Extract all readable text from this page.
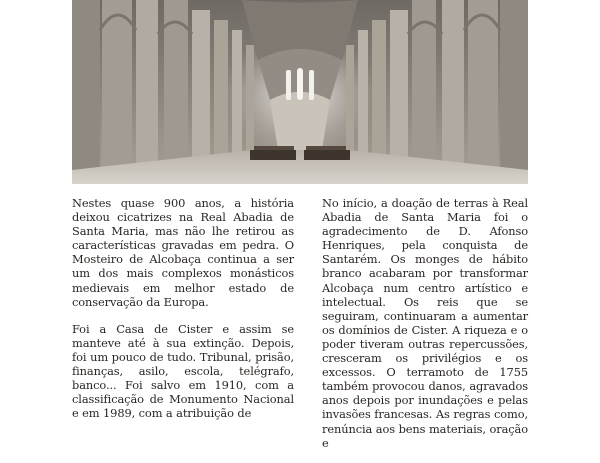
Nestes quase 900 anos, a história deixou cicatrizes na Real Abadia de Santa Maria, mas não lhe retirou as características gravadas em pedra. O Mosteiro de Alcobaça continua a ser um dos mais complexos monásticos medievais em melhor estado de conservação da Europa.

Foi a Casa de Cister e assim se manteve até à sua extinção. Depois, foi um pouco de tudo. Tribunal, prisão, finanças, asilo, escola, telégrafo, banco... Foi salvo em 1910, com a classificação de Monumento Nacional e em 1989, com a atribuição de

No início, a doação de terras à Real Abadia de Santa Maria foi o agradecimento de D. Afonso Henriques, pela conquista de Santarém. Os monges de hábito branco acabaram por transformar Alcobaça num centro artístico e intelectual. Os reis que se seguiram, continuaram a aumentar os domínios de Cister. A riqueza e o poder tiveram outras repercussões, cresceram os privilégios e os excessos. O terramoto de 1755 também provocou danos, agravados anos depois por inundações e pelas invasões francesas. As regras como, renúncia aos bens materiais, oração e
